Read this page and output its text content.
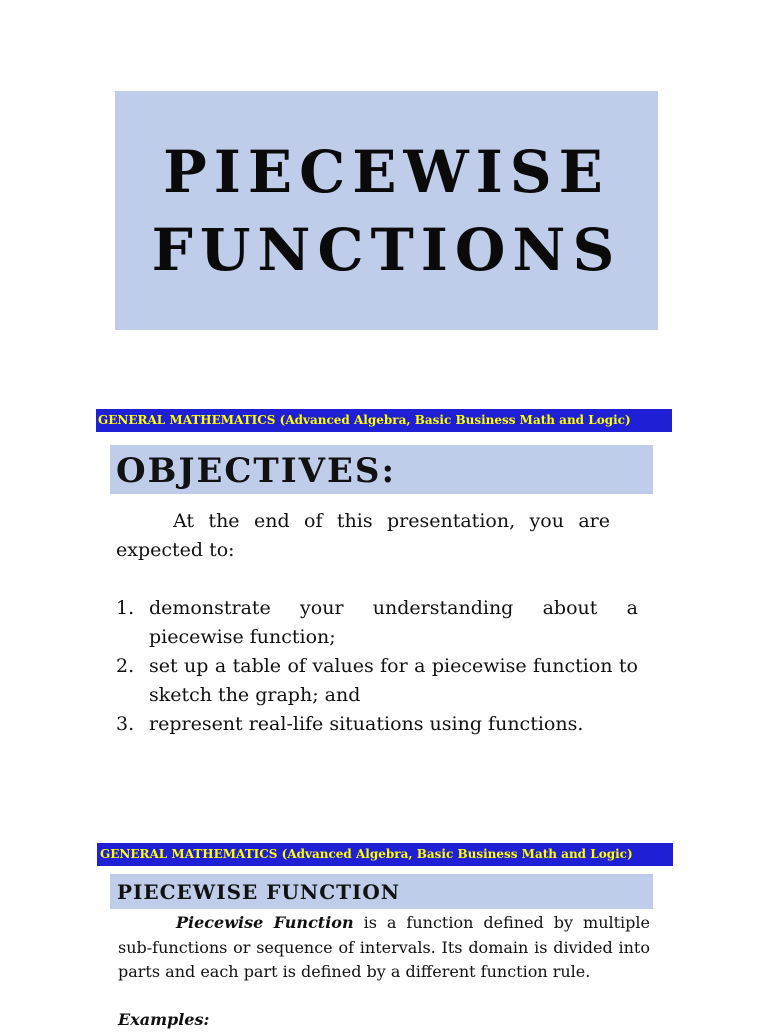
PIECEWISE
FUNCTIONS
GENERAL MATHEMATICS (Advanced Algebra, Basic Business Math and Logic)
OBJECTIVES:

At the end of this presentation, you are expected to:

1. demonstrate your understanding about a piecewise function;
2. set up a table of values for a piecewise function to sketch the graph; and
3. represent real-life situations using functions.
GENERAL MATHEMATICS (Advanced Algebra, Basic Business Math and Logic)
PIECEWISE FUNCTION

Piecewise Function is a function defined by multiple sub-functions or sequence of intervals. Its domain is divided into parts and each part is defined by a different function rule.

Examples:
